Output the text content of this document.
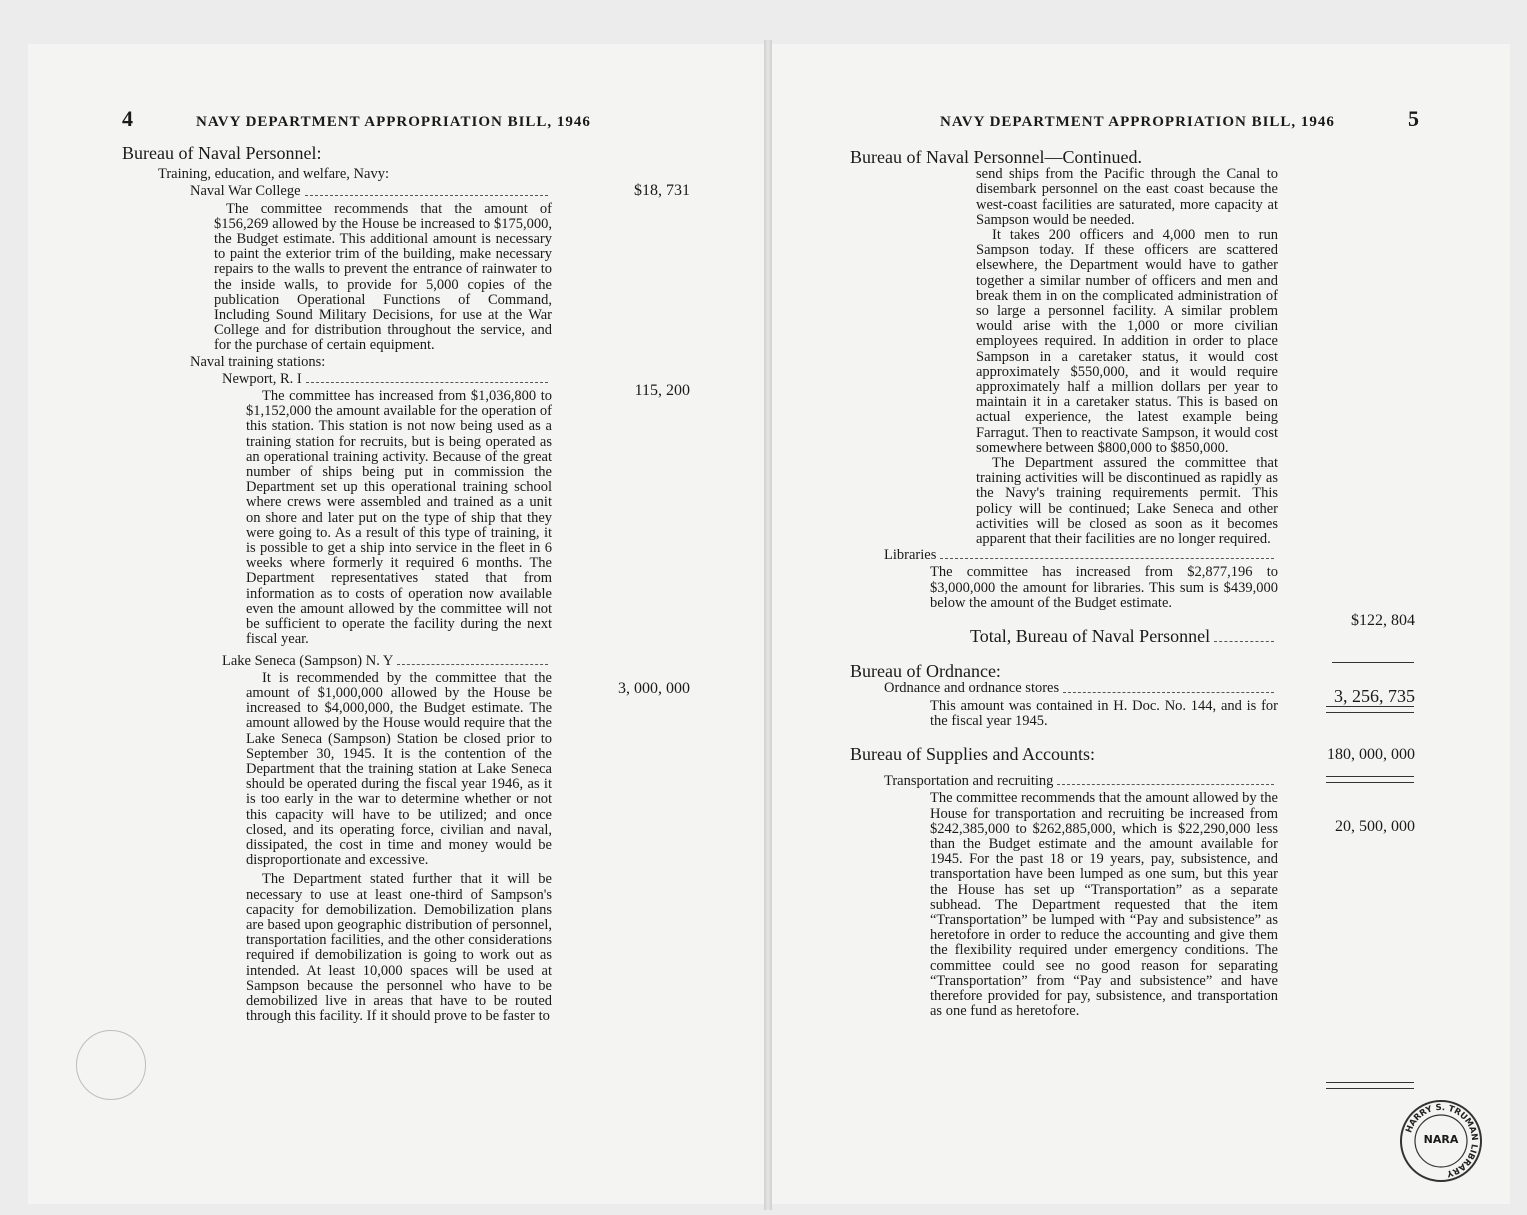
4	NAVY DEPARTMENT APPROPRIATION BILL, 1946
Bureau of Naval Personnel:
Training, education, and welfare, Navy:
Naval War College
The committee recommends that the amount of $156,269 allowed by the House be increased to $175,000, the Budget estimate. This additional amount is necessary to paint the exterior trim of the building, make necessary repairs to the walls to prevent the entrance of rainwater to the inside walls, to provide for 5,000 copies of the publication Operational Functions of Command, Including Sound Military Decisions, for use at the War College and for distribution throughout the service, and for the purchase of certain equipment.
Naval training stations:
Newport, R. I
The committee has increased from $1,036,800 to $1,152,000 the amount available for the operation of this station. This station is not now being used as a training station for recruits, but is being operated as an operational training activity. Because of the great number of ships being put in commission the Department set up this operational training school where crews were assembled and trained as a unit on shore and later put on the type of ship that they were going to. As a result of this type of training, it is possible to get a ship into service in the fleet in 6 weeks where formerly it required 6 months. The Department representatives stated that from information as to costs of operation now available even the amount allowed by the committee will not be sufficient to operate the facility during the next fiscal year.
Lake Seneca (Sampson) N. Y
It is recommended by the committee that the amount of $1,000,000 allowed by the House be increased to $4,000,000, the Budget estimate. The amount allowed by the House would require that the Lake Seneca (Sampson) Station be closed prior to September 30, 1945. It is the contention of the Department that the training station at Lake Seneca should be operated during the fiscal year 1946, as it is too early in the war to determine whether or not this capacity will have to be utilized; and once closed, and its operating force, civilian and naval, dissipated, the cost in time and money would be disproportionate and excessive.
The Department stated further that it will be necessary to use at least one-third of Sampson's capacity for demobilization. Demobilization plans are based upon geographic distribution of personnel, transportation facilities, and the other considerations required if demobilization is going to work out as intended. At least 10,000 spaces will be used at Sampson because the personnel who have to be demobilized live in areas that have to be routed through this facility. If it should prove to be faster to
$18, 731
115, 200
3, 000, 000
NAVY DEPARTMENT APPROPRIATION BILL, 1946	5
Bureau of Naval Personnel—Continued.
send ships from the Pacific through the Canal to disembark personnel on the east coast because the west-coast facilities are saturated, more capacity at Sampson would be needed.
It takes 200 officers and 4,000 men to run Sampson today. If these officers are scattered elsewhere, the Department would have to gather together a similar number of officers and men and break them in on the complicated administration of so large a personnel facility. A similar problem would arise with the 1,000 or more civilian employees required. In addition in order to place Sampson in a caretaker status, it would cost approximately $550,000, and it would require approximately half a million dollars per year to maintain it in a caretaker status. This is based on actual experience, the latest example being Farragut. Then to reactivate Sampson, it would cost somewhere between $800,000 to $850,000.
The Department assured the committee that training activities will be discontinued as rapidly as the Navy's training requirements permit. This policy will be continued; Lake Seneca and other activities will be closed as soon as it becomes apparent that their facilities are no longer required.
Libraries
The committee has increased from $2,877,196 to $3,000,000 the amount for libraries. This sum is $439,000 below the amount of the Budget estimate.
Total, Bureau of Naval Personnel
Bureau of Ordnance:
Ordnance and ordnance stores
This amount was contained in H. Doc. No. 144, and is for the fiscal year 1945.
Bureau of Supplies and Accounts:
Transportation and recruiting
The committee recommends that the amount allowed by the House for transportation and recruiting be increased from $242,385,000 to $262,885,000, which is $22,290,000 less than the Budget estimate and the amount available for 1945. For the past 18 or 19 years, pay, subsistence, and transportation have been lumped as one sum, but this year the House has set up “Transportation” as a separate subhead. The Department requested that the item “Transportation” be lumped with “Pay and subsistence” as heretofore in order to reduce the accounting and give them the flexibility required under emergency conditions. The committee could see no good reason for separating “Transportation” from “Pay and subsistence” and have therefore provided for pay, subsistence, and transportation as one fund as heretofore.
$122, 804
3, 256, 735
180, 000, 000
20, 500, 000
HARRY S. TRUMAN LIBRARY
NARA
